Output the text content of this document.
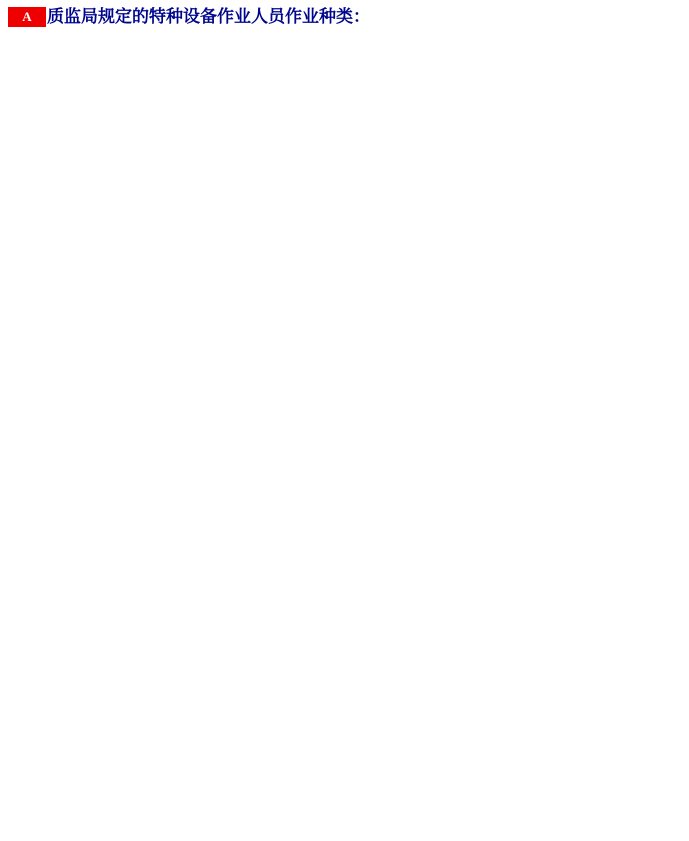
A 质监局规定的特种设备作业人员作业种类：
